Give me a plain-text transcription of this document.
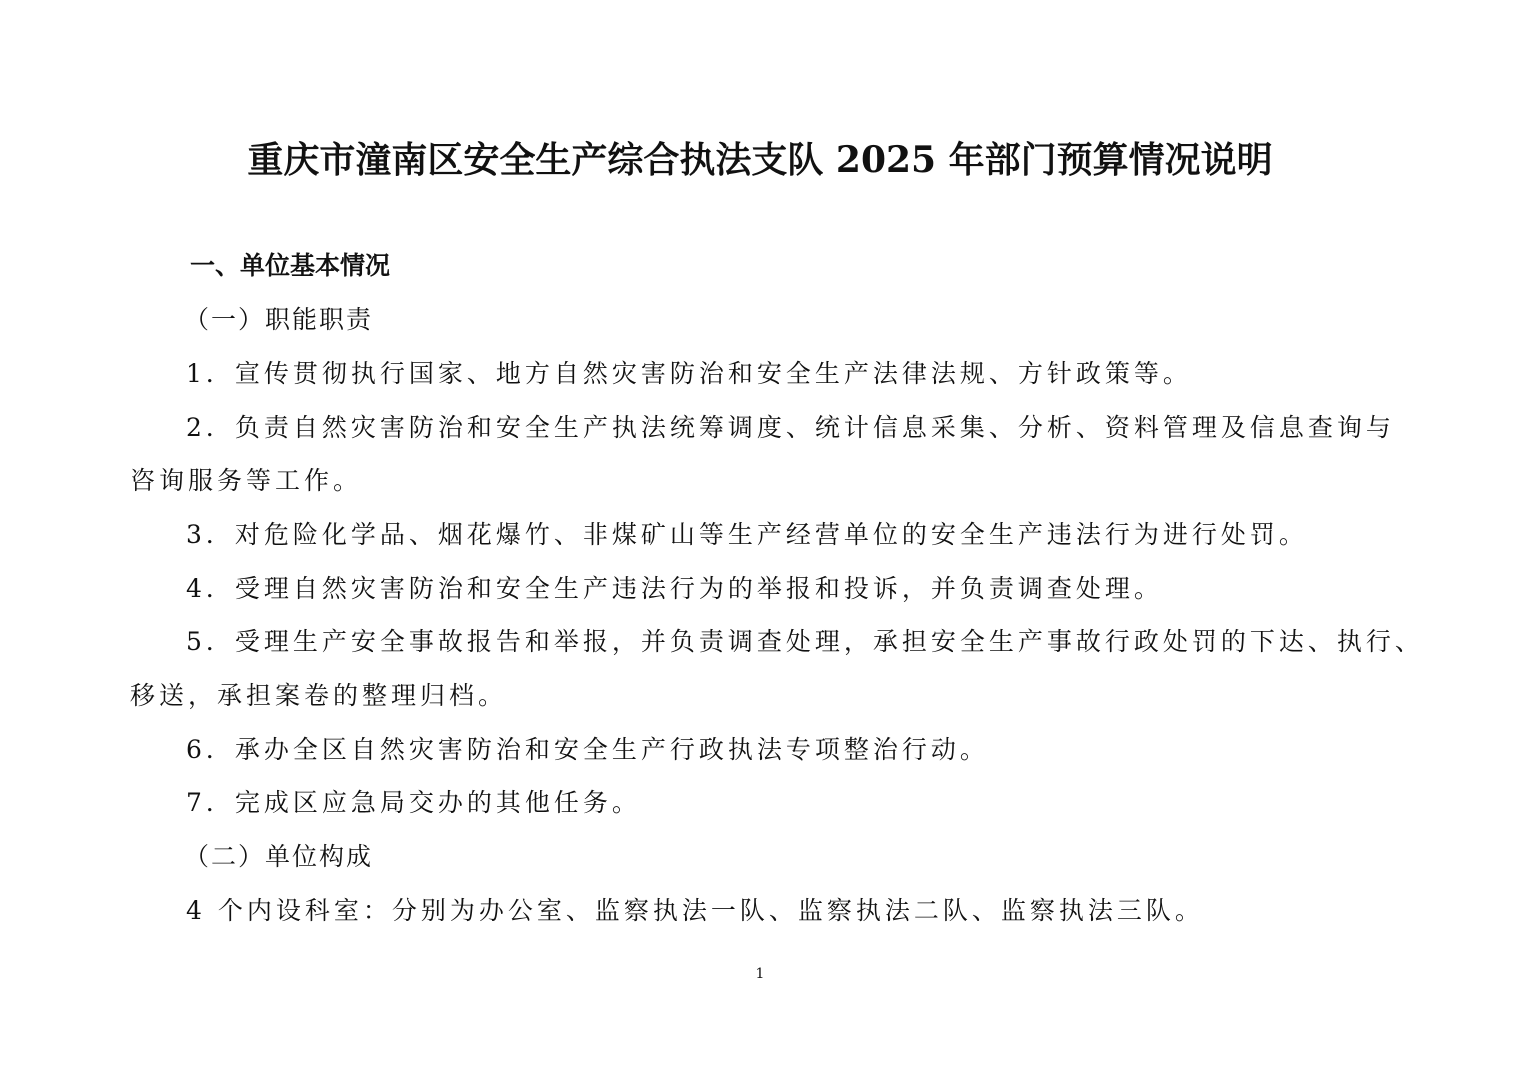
重庆市潼南区安全生产综合执法支队 2025 年部门预算情况说明
一、单位基本情况
（一）职能职责
1．宣传贯彻执行国家、地方自然灾害防治和安全生产法律法规、方针政策等。
2．负责自然灾害防治和安全生产执法统筹调度、统计信息采集、分析、资料管理及信息查询与
咨询服务等工作。
3．对危险化学品、烟花爆竹、非煤矿山等生产经营单位的安全生产违法行为进行处罚。
4．受理自然灾害防治和安全生产违法行为的举报和投诉，并负责调查处理。
5．受理生产安全事故报告和举报，并负责调查处理，承担安全生产事故行政处罚的下达、执行、
移送，承担案卷的整理归档。
6．承办全区自然灾害防治和安全生产行政执法专项整治行动。
7．完成区应急局交办的其他任务。
（二）单位构成
4 个内设科室：分别为办公室、监察执法一队、监察执法二队、监察执法三队。
1
